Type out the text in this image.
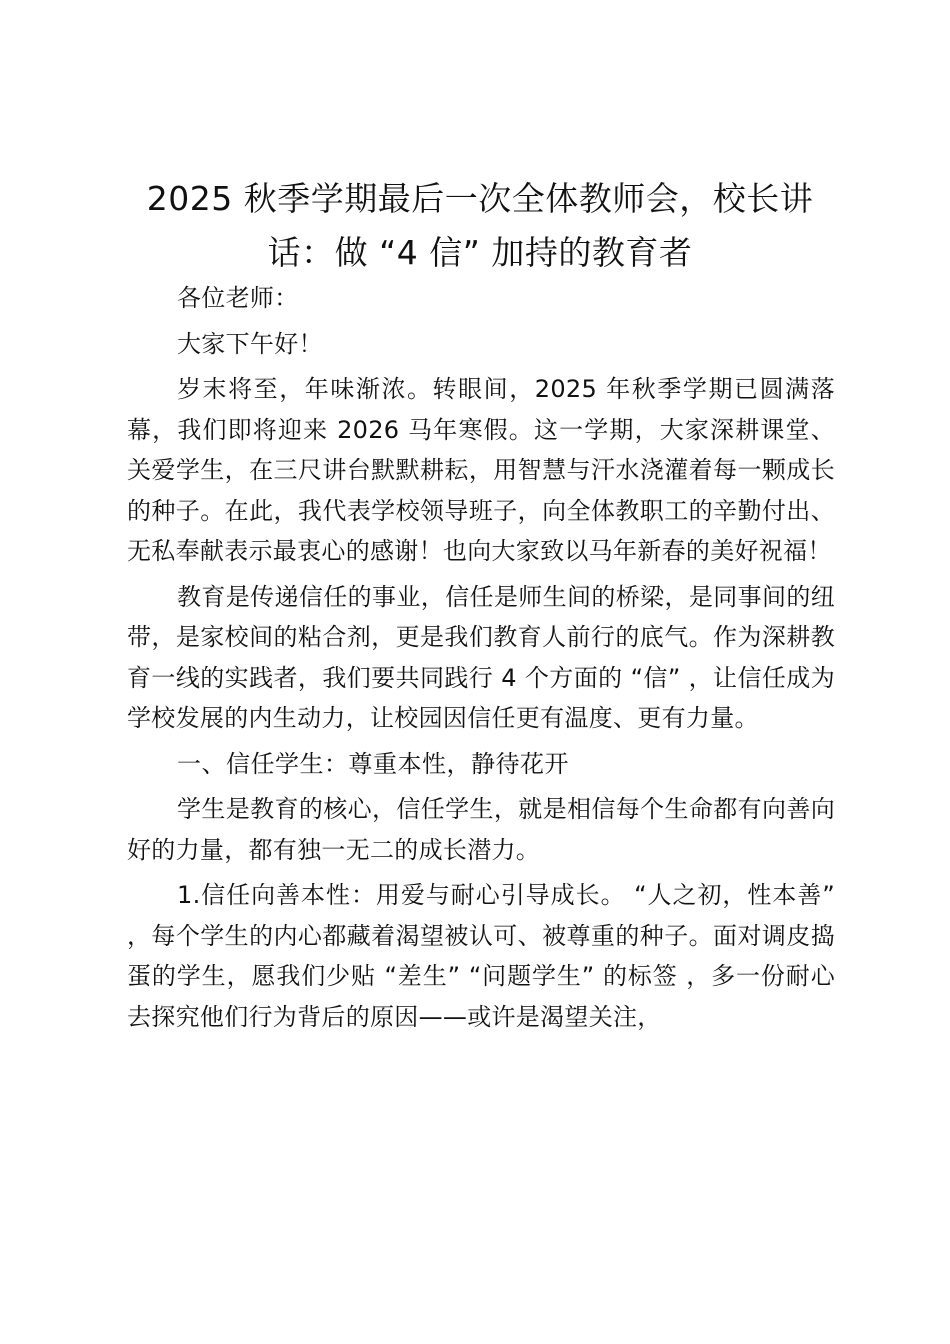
2025 秋季学期最后一次全体教师会，校长讲话：做 “4 信” 加持的教育者

各位老师：

大家下午好！

岁末将至，年味渐浓。转眼间，2025 年秋季学期已圆满落幕，我们即将迎来 2026 马年寒假。这一学期，大家深耕课堂、关爱学生，在三尺讲台默默耕耘，用智慧与汗水浇灌着每一颗成长的种子。在此，我代表学校领导班子，向全体教职工的辛勤付出、无私奉献表示最衷心的感谢！也向大家致以马年新春的美好祝福！

教育是传递信任的事业，信任是师生间的桥梁，是同事间的纽带，是家校间的粘合剂，更是我们教育人前行的底气。作为深耕教育一线的实践者，我们要共同践行 4 个方面的 “信” ，让信任成为学校发展的内生动力，让校园因信任更有温度、更有力量。

一、信任学生：尊重本性，静待花开

学生是教育的核心，信任学生，就是相信每个生命都有向善向好的力量，都有独一无二的成长潜力。

1.信任向善本性：用爱与耐心引导成长。 “人之初，性本善” ，每个学生的内心都藏着渴望被认可、被尊重的种子。面对调皮捣蛋的学生，愿我们少贴 “差生” “问题学生” 的标签 ，多一份耐心去探究他们行为背后的原因——或许是渴望关注，
